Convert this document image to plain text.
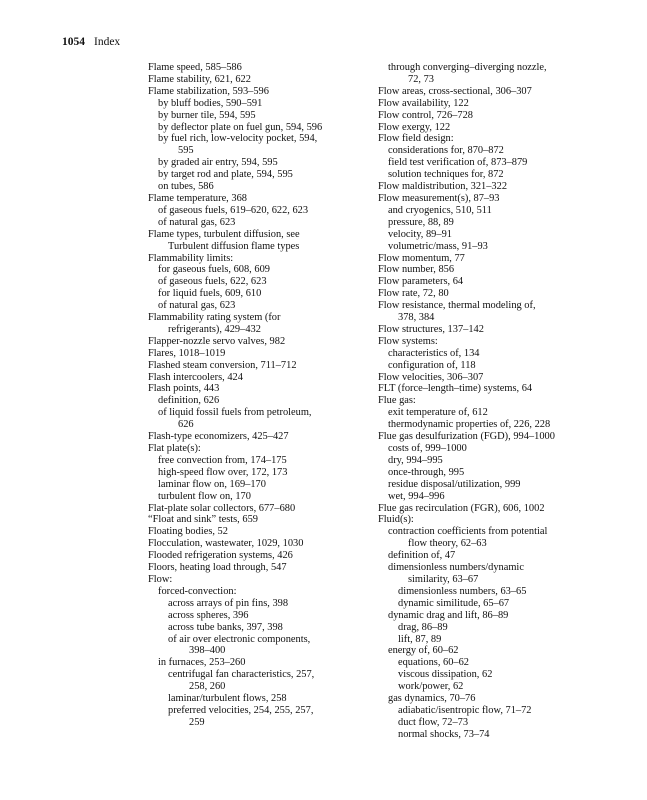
1054 Index
Flame speed, 585–586
Flame stability, 621, 622
Flame stabilization, 593–596
by bluff bodies, 590–591
by burner tile, 594, 595
by deflector plate on fuel gun, 594, 596
by fuel rich, low-velocity pocket, 594,
595
by graded air entry, 594, 595
by target rod and plate, 594, 595
on tubes, 586
Flame temperature, 368
of gaseous fuels, 619–620, 622, 623
of natural gas, 623
Flame types, turbulent diffusion, see
Turbulent diffusion flame types
Flammability limits:
for gaseous fuels, 608, 609
of gaseous fuels, 622, 623
for liquid fuels, 609, 610
of natural gas, 623
Flammability rating system (for
refrigerants), 429–432
Flapper-nozzle servo valves, 982
Flares, 1018–1019
Flashed steam conversion, 711–712
Flash intercoolers, 424
Flash points, 443
definition, 626
of liquid fossil fuels from petroleum,
626
Flash-type economizers, 425–427
Flat plate(s):
free convection from, 174–175
high-speed flow over, 172, 173
laminar flow on, 169–170
turbulent flow on, 170
Flat-plate solar collectors, 677–680
“Float and sink” tests, 659
Floating bodies, 52
Flocculation, wastewater, 1029, 1030
Flooded refrigeration systems, 426
Floors, heating load through, 547
Flow:
forced-convection:
across arrays of pin fins, 398
across spheres, 396
across tube banks, 397, 398
of air over electronic components,
398–400
in furnaces, 253–260
centrifugal fan characteristics, 257,
258, 260
laminar/turbulent flows, 258
preferred velocities, 254, 255, 257,
259
through converging–diverging nozzle,
72, 73
Flow areas, cross-sectional, 306–307
Flow availability, 122
Flow control, 726–728
Flow exergy, 122
Flow field design:
considerations for, 870–872
field test verification of, 873–879
solution techniques for, 872
Flow maldistribution, 321–322
Flow measurement(s), 87–93
and cryogenics, 510, 511
pressure, 88, 89
velocity, 89–91
volumetric/mass, 91–93
Flow momentum, 77
Flow number, 856
Flow parameters, 64
Flow rate, 72, 80
Flow resistance, thermal modeling of,
378, 384
Flow structures, 137–142
Flow systems:
characteristics of, 134
configuration of, 118
Flow velocities, 306–307
FLT (force–length–time) systems, 64
Flue gas:
exit temperature of, 612
thermodynamic properties of, 226, 228
Flue gas desulfurization (FGD), 994–1000
costs of, 999–1000
dry, 994–995
once-through, 995
residue disposal/utilization, 999
wet, 994–996
Flue gas recirculation (FGR), 606, 1002
Fluid(s):
contraction coefficients from potential
flow theory, 62–63
definition of, 47
dimensionless numbers/dynamic
similarity, 63–67
dimensionless numbers, 63–65
dynamic similitude, 65–67
dynamic drag and lift, 86–89
drag, 86–89
lift, 87, 89
energy of, 60–62
equations, 60–62
viscous dissipation, 62
work/power, 62
gas dynamics, 70–76
adiabatic/isentropic flow, 71–72
duct flow, 72–73
normal shocks, 73–74
